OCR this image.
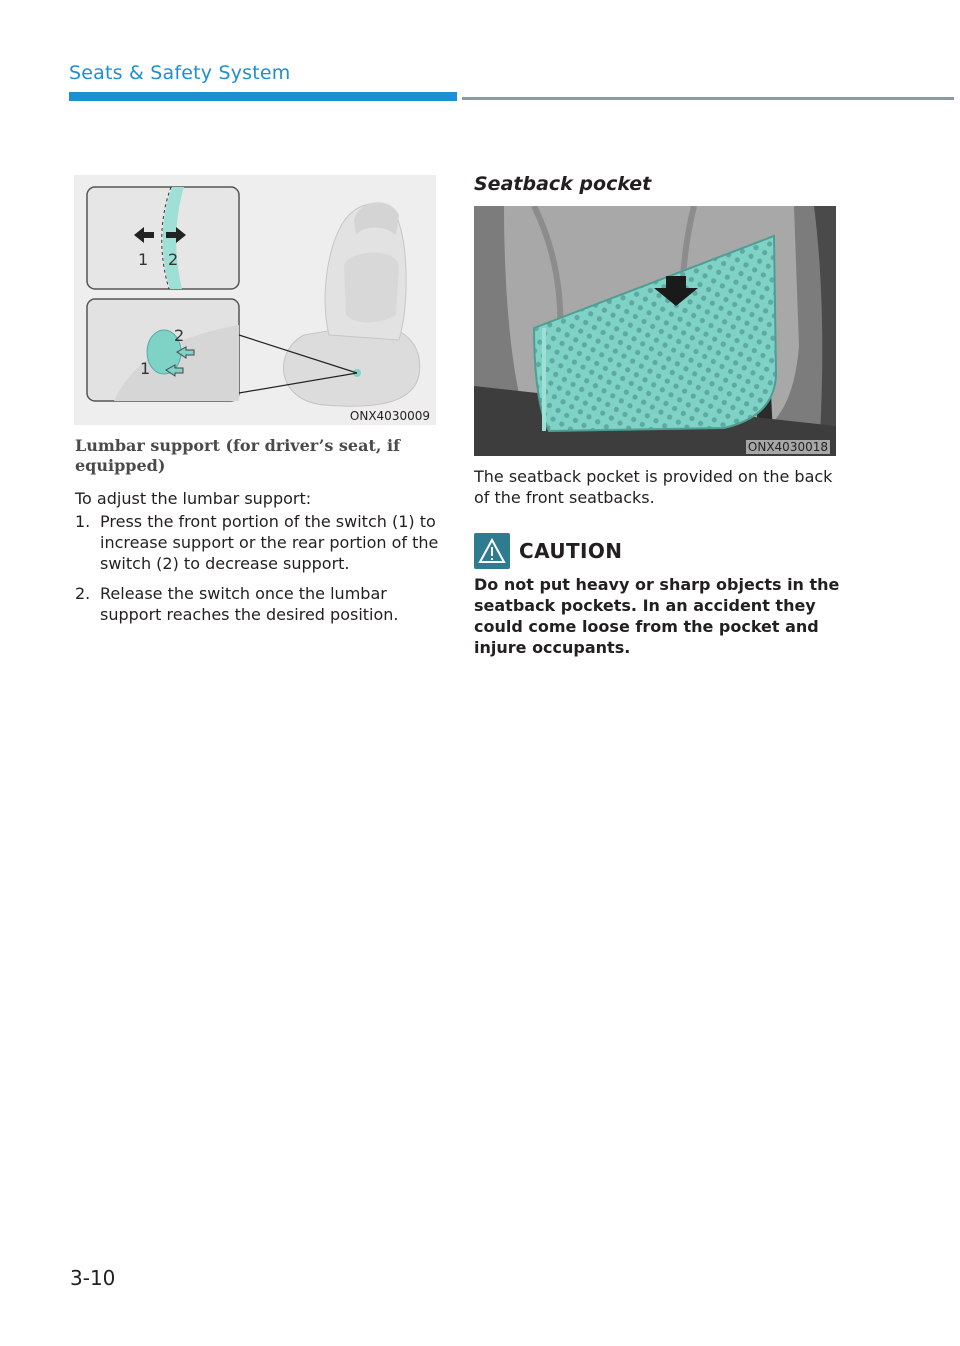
Seats & Safety System
1 2
2
1
ONX4030009
Seatback pocket
ONX4030018
Lumbar support (for driver’s seat, if equipped)
To adjust the lumbar support:
1. Press the front portion of the switch (1) to increase support or the rear portion of the switch (2) to decrease support.
2. Release the switch once the lumbar support reaches the desired position.
The seatback pocket is provided on the back of the front seatbacks.
CAUTION
Do not put heavy or sharp objects in the seatback pockets. In an accident they could come loose from the pocket and injure occupants.
3-10
